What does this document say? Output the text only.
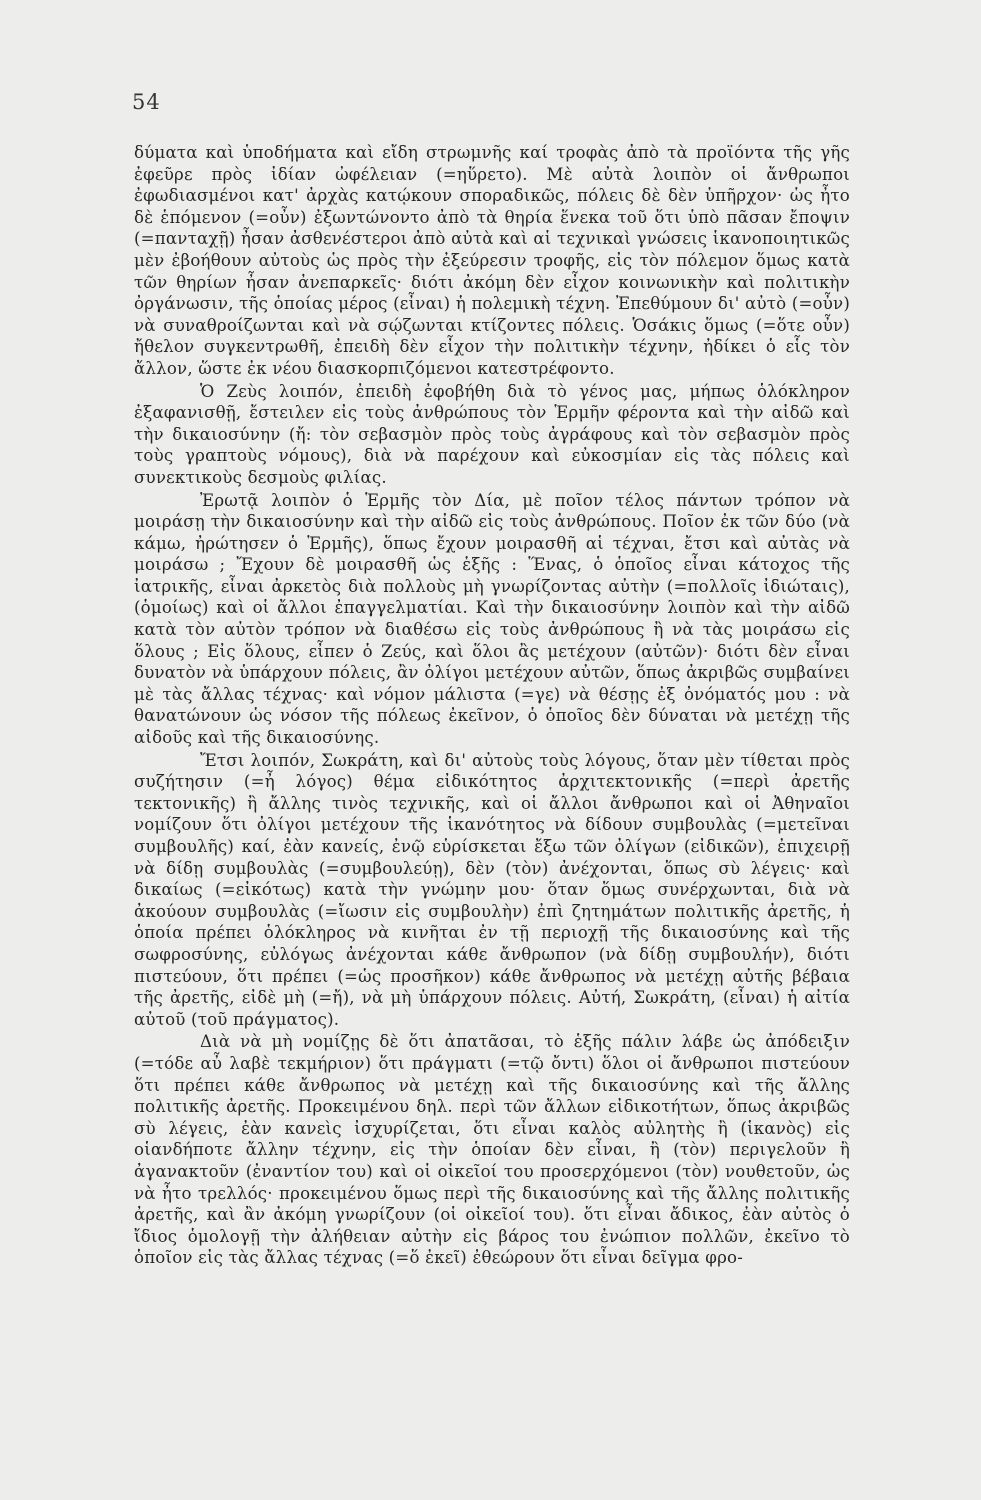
54

δύματα καὶ ὑποδήματα καὶ εἴδη στρωμνῆς καί τροφὰς ἀπὸ τὰ προϊόντα τῆς γῆς ἐφεῦρε πρὸς ἰδίαν ὠφέλειαν (=ηὕρετο). Μὲ αὐτὰ λοιπὸν οἱ ἄνθρωποι ἐφωδιασμένοι κατ' ἀρχὰς κατῴκουν σποραδικῶς, πόλεις δὲ δὲν ὑπῆρχον· ὡς ἦτο δὲ ἑπόμενον (=οὖν) ἐξωντώνοντο ἀπὸ τὰ θηρία ἕνεκα τοῦ ὅτι ὑπὸ πᾶσαν ἔποψιν (=πανταχῇ) ἦσαν ἀσθενέστεροι ἀπὸ αὐτὰ καὶ αἱ τεχνικαὶ γνώσεις ἱκανοποιητικῶς μὲν ἐβοήθουν αὐτοὺς ὡς πρὸς τὴν ἐξεύρεσιν τροφῆς, εἰς τὸν πόλεμον ὅμως κατὰ τῶν θηρίων ἦσαν ἀνεπαρκεῖς· διότι ἀκόμη δὲν εἶχον κοινωνικὴν καὶ πολιτικὴν ὀργάνωσιν, τῆς ὁποίας μέρος (εἶναι) ἡ πολεμικὴ τέχνη. Ἐπεθύμουν δι' αὐτὸ (=οὖν) νὰ συναθροίζωνται καὶ νὰ σῴζωνται κτίζοντες πόλεις. Ὁσάκις ὅμως (=ὅτε οὖν) ἤθελον συγκεντρωθῆ, ἐπειδὴ δὲν εἶχον τὴν πολιτικὴν τέχνην, ἠδίκει ὁ εἷς τὸν ἄλλον, ὥστε ἐκ νέου διασκορπιζόμενοι κατεστρέφοντο.

Ὁ Ζεὺς λοιπόν, ἐπειδὴ ἐφοβήθη διὰ τὸ γένος μας, μήπως ὁλόκληρον ἐξαφανισθῇ, ἔστειλεν εἰς τοὺς ἀνθρώπους τὸν Ἑρμῆν φέροντα καὶ τὴν αἰδῶ καὶ τὴν δικαιοσύνην (ἤ: τὸν σεβασμὸν πρὸς τοὺς ἀγράφους καὶ τὸν σεβασμὸν πρὸς τοὺς γραπτοὺς νόμους), διὰ νὰ παρέχουν καὶ εὐκοσμίαν εἰς τὰς πόλεις καὶ συνεκτικοὺς δεσμοὺς φιλίας.

Ἐρωτᾷ λοιπὸν ὁ Ἑρμῆς τὸν Δία, μὲ ποῖον τέλος πάντων τρόπον νὰ μοιράσῃ τὴν δικαιοσύνην καὶ τὴν αἰδῶ εἰς τοὺς ἀνθρώπους. Ποῖον ἐκ τῶν δύο (νὰ κάμω, ἠρώτησεν ὁ Ἑρμῆς), ὅπως ἔχουν μοιρασθῆ αἱ τέχναι, ἔτσι καὶ αὐτὰς νὰ μοιράσω ; Ἔχουν δὲ μοιρασθῆ ὡς ἑξῆς : Ἕνας, ὁ ὁποῖος εἶναι κάτοχος τῆς ἰατρικῆς, εἶναι ἀρκετὸς διὰ πολλοὺς μὴ γνωρίζοντας αὐτὴν (=πολλοῖς ἰδιώταις), (ὁμοίως) καὶ οἱ ἄλλοι ἐπαγγελματίαι. Καὶ τὴν δικαιοσύνην λοιπὸν καὶ τὴν αἰδῶ κατὰ τὸν αὐτὸν τρόπον νὰ διαθέσω εἰς τοὺς ἀνθρώπους ἢ νὰ τὰς μοιράσω εἰς ὅλους ; Εἰς ὅλους, εἶπεν ὁ Ζεύς, καὶ ὅλοι ἂς μετέχουν (αὐτῶν)· διότι δὲν εἶναι δυνατὸν νὰ ὑπάρχουν πόλεις, ἂν ὀλίγοι μετέχουν αὐτῶν, ὅπως ἀκριβῶς συμβαίνει μὲ τὰς ἄλλας τέχνας· καὶ νόμον μάλιστα (=γε) νὰ θέσῃς ἐξ ὀνόματός μου : νὰ θανατώνουν ὡς νόσον τῆς πόλεως ἐκεῖνον, ὁ ὁποῖος δὲν δύναται νὰ μετέχῃ τῆς αἰδοῦς καὶ τῆς δικαιοσύνης.

Ἔτσι λοιπόν, Σωκράτη, καὶ δι' αὐτοὺς τοὺς λόγους, ὅταν μὲν τίθεται πρὸς συζήτησιν (=ἦ λόγος) θέμα εἰδικότητος ἀρχιτεκτονικῆς (=περὶ ἀρετῆς τεκτονικῆς) ἢ ἄλλης τινὸς τεχνικῆς, καὶ οἱ ἄλλοι ἄνθρωποι καὶ οἱ Ἀθηναῖοι νομίζουν ὅτι ὀλίγοι μετέχουν τῆς ἱκανότητος νὰ δίδουν συμβουλὰς (=μετεῖναι συμβουλῆς) καί, ἐὰν κανείς, ἐνῷ εὑρίσκεται ἔξω τῶν ὀλίγων (εἰδικῶν), ἐπιχειρῇ νὰ δίδῃ συμβουλὰς (=συμβουλεύῃ), δὲν (τὸν) ἀνέχονται, ὅπως σὺ λέγεις· καὶ δικαίως (=εἰκότως) κατὰ τὴν γνώμην μου· ὅταν ὅμως συνέρχωνται, διὰ νὰ ἀκούουν συμβουλὰς (=ἴωσιν εἰς συμβουλὴν) ἐπὶ ζητημάτων πολιτικῆς ἀρετῆς, ἡ ὁποία πρέπει ὁλόκληρος νὰ κινῆται ἐν τῇ περιοχῇ τῆς δικαιοσύνης καὶ τῆς σωφροσύνης, εὐλόγως ἀνέχονται κάθε ἄνθρωπον (νὰ δίδῃ συμβουλήν), διότι πιστεύουν, ὅτι πρέπει (=ὡς προσῆκον) κάθε ἄνθρωπος νὰ μετέχῃ αὐτῆς βέβαια τῆς ἀρετῆς, εἰδὲ μὴ (=ἤ), νὰ μὴ ὑπάρχουν πόλεις. Αὐτή, Σωκράτη, (εἶναι) ἡ αἰτία αὐτοῦ (τοῦ πράγματος).

Διὰ νὰ μὴ νομίζῃς δὲ ὅτι ἀπατᾶσαι, τὸ ἑξῆς πάλιν λάβε ὡς ἀπόδειξιν (=τόδε αὖ λαβὲ τεκμήριον) ὅτι πράγματι (=τῷ ὄντι) ὅλοι οἱ ἄνθρωποι πιστεύουν ὅτι πρέπει κάθε ἄνθρωπος νὰ μετέχῃ καὶ τῆς δικαιοσύνης καὶ τῆς ἄλλης πολιτικῆς ἀρετῆς. Προκειμένου δηλ. περὶ τῶν ἄλλων εἰδικοτήτων, ὅπως ἀκριβῶς σὺ λέγεις, ἐὰν κανεὶς ἰσχυρίζεται, ὅτι εἶναι καλὸς αὐλητὴς ἢ (ἱκανὸς) εἰς οἱανδήποτε ἄλλην τέχνην, εἰς τὴν ὁποίαν δὲν εἶναι, ἢ (τὸν) περιγελοῦν ἢ ἀγανακτοῦν (ἐναντίον του) καὶ οἱ οἰκεῖοί του προσερχόμενοι (τὸν) νουθετοῦν, ὡς νὰ ἦτο τρελλός· προκειμένου ὅμως περὶ τῆς δικαιοσύνης καὶ τῆς ἄλλης πολιτικῆς ἀρετῆς, καὶ ἂν ἀκόμη γνωρίζουν (οἱ οἰκεῖοί του). ὅτι εἶναι ἄδικος, ἐὰν αὐτὸς ὁ ἴδιος ὁμολογῇ τὴν ἀλήθειαν αὐτὴν εἰς βάρος του ἐνώπιον πολλῶν, ἐκεῖνο τὸ ὁποῖον εἰς τὰς ἄλλας τέχνας (=ὅ ἐκεῖ) ἐθεώρουν ὅτι εἶναι δεῖγμα φρο-
